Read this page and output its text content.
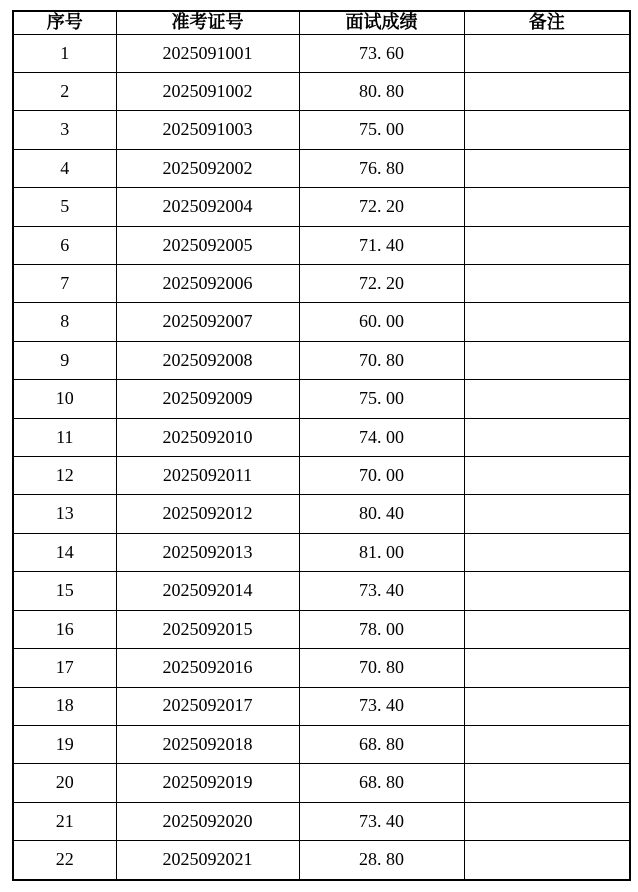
序号	准考证号	面试成绩	备注
1	2025091001	73. 60	
2	2025091002	80. 80	
3	2025091003	75. 00	
4	2025092002	76. 80	
5	2025092004	72. 20	
6	2025092005	71. 40	
7	2025092006	72. 20	
8	2025092007	60. 00	
9	2025092008	70. 80	
10	2025092009	75. 00	
11	2025092010	74. 00	
12	2025092011	70. 00	
13	2025092012	80. 40	
14	2025092013	81. 00	
15	2025092014	73. 40	
16	2025092015	78. 00	
17	2025092016	70. 80	
18	2025092017	73. 40	
19	2025092018	68. 80	
20	2025092019	68. 80	
21	2025092020	73. 40	
22	2025092021	28. 80	
